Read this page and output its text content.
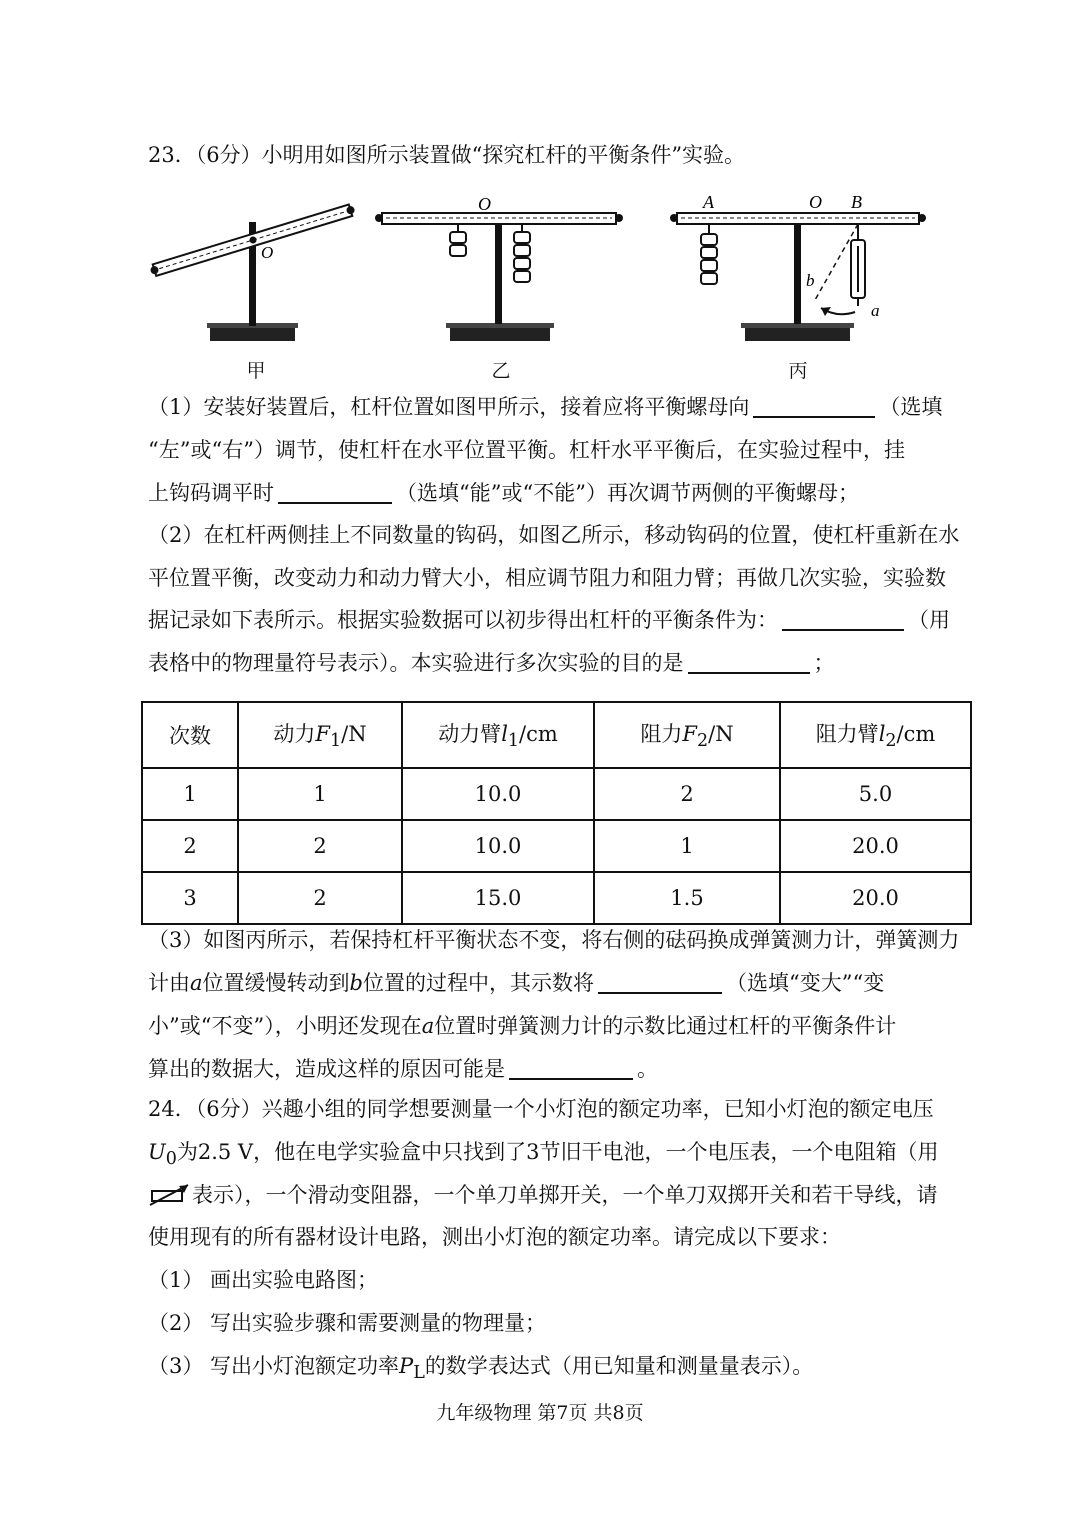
23．（6分）小明用如图所示装置做“探究杠杆的平衡条件”实验。
O
甲
O
乙
A	O B
a
b
丙
（1）安装好装置后，杠杆位置如图甲所示，接着应将平衡螺母向	（选填
“左”或“右”）调节，使杠杆在水平位置平衡。杠杆水平平衡后，在实验过程中，挂
上钩码调平时	（选填“能”或“不能”）再次调节两侧的平衡螺母；
（2）在杠杆两侧挂上不同数量的钩码，如图乙所示，移动钩码的位置，使杠杆重新在水
平位置平衡，改变动力和动力臂大小，相应调节阻力和阻力臂；再做几次实验，实验数
据记录如下表所示。根据实验数据可以初步得出杠杆的平衡条件为：	（用
表格中的物理量符号表示）。本实验进行多次实验的目的是	；
次数	动力$F_1/N$	动力臂$l_1/cm$	阻力$F_2/N$	阻力臂$l_2/cm$
1	1	10.0	2	5.0
2	2	10.0	1	20.0
3	2	15.0	1.5	20.0
（3）如图丙所示，若保持杠杆平衡状态不变，将右侧的砝码换成弹簧测力计，弹簧测力
计由a位置缓慢转动到b位置的过程中，其示数将	（选填“变大”“变
小”或“不变”），小明还发现在a位置时弹簧测力计的示数比通过杠杆的平衡条件计
算出的数据大，造成这样的原因可能是	。
24．（6分）兴趣小组的同学想要测量一个小灯泡的额定功率，已知小灯泡的额定电压
$U_0$为2.5 V，他在电学实验盒中只找到了3节旧干电池，一个电压表，一个电阻箱（用
表示），一个滑动变阻器，一个单刀单掷开关，一个单刀双掷开关和若干导线，请
使用现有的所有器材设计电路，测出小灯泡的额定功率。请完成以下要求：
（1） 画出实验电路图；
（2） 写出实验步骤和需要测量的物理量；
（3） 写出小灯泡额定功率$P_L$的数学表达式（用已知量和测量量表示）。
九年级物理 第7页 共8页
